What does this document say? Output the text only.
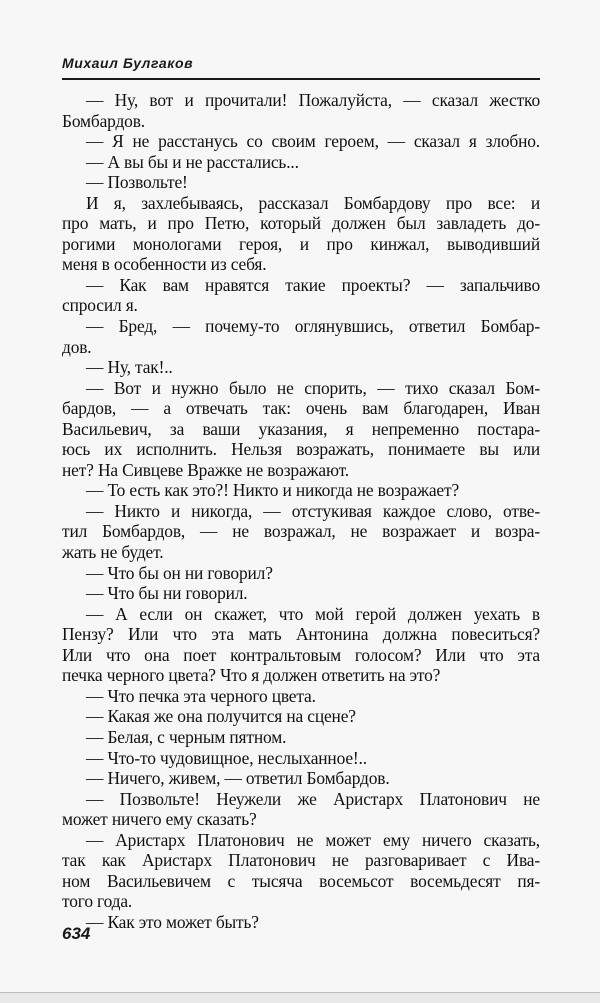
Михаил Булгаков
— Ну, вот и прочитали! Пожалуйста, — сказал жестко
Бомбардов.
— Я не расстанусь со своим героем, — сказал я злобно.
— А вы бы и не расстались...
— Позвольте!
И я, захлебываясь, рассказал Бомбардову про все: и
про мать, и про Петю, который должен был завладеть до-
рогими монологами героя, и про кинжал, выводивший
меня в особенности из себя.
— Как вам нравятся такие проекты? — запальчиво
спросил я.
— Бред, — почему-то оглянувшись, ответил Бомбар-
дов.
— Ну, так!..
— Вот и нужно было не спорить, — тихо сказал Бом-
бардов, — а отвечать так: очень вам благодарен, Иван
Васильевич, за ваши указания, я непременно постара-
юсь их исполнить. Нельзя возражать, понимаете вы или
нет? На Сивцеве Вражке не возражают.
— То есть как это?! Никто и никогда не возражает?
— Никто и никогда, — отстукивая каждое слово, отве-
тил Бомбардов, — не возражал, не возражает и возра-
жать не будет.
— Что бы он ни говорил?
— Что бы ни говорил.
— А если он скажет, что мой герой должен уехать в
Пензу? Или что эта мать Антонина должна повеситься?
Или что она поет контральтовым голосом? Или что эта
печка черного цвета? Что я должен ответить на это?
— Что печка эта черного цвета.
— Какая же она получится на сцене?
— Белая, с черным пятном.
— Что-то чудовищное, неслыханное!..
— Ничего, живем, — ответил Бомбардов.
— Позвольте! Неужели же Аристарх Платонович не
может ничего ему сказать?
— Аристарх Платонович не может ему ничего сказать,
так как Аристарх Платонович не разговаривает с Ива-
ном Васильевичем с тысяча восемьсот восемьдесят пя-
того года.
— Как это может быть?
634
